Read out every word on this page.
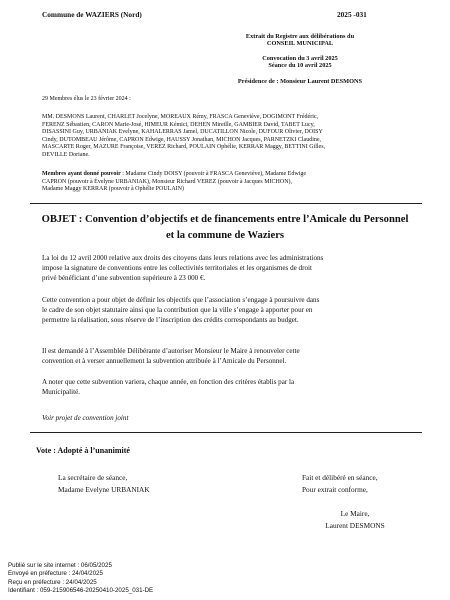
Commune de WAZIERS (Nord)	2025 -031
Extrait du Registre aux délibérations du
CONSEIL MUNICIPAL
Convocation du 3 avril 2025
Séance du 10 avril 2025
Présidence de : Monsieur Laurent DESMONS
29 Membres élus le 23 février 2024 :
MM. DESMONS Laurent, CHARLET Jocelyne, MOREAUX Rémy, FRASCA Geneviève, DOGIMONT Frédéric,
FERENZ Sébastien, CARON Marie-José, HIMEUR Kémici, DEHEN Mireille, GAMBIER David, TABET Lucy,
DISASSINI Guy, URBANIAK Evelyne, KAHALERRAS Jamel, DUCATILLON Nicole, DUFOUR Olivier, DOISY
Cindy, DUTOMBEAU Jérôme, CAPRON Edwige, HAUSSY Jonathan, MICHON Jacques, PARNETZKI Claudine,
MASCARTE Roger, MAZURE Françoise, VEREZ Richard, POULAIN Ophélie, KERRAR Maggy, BETTINI Gilles,
DEVILLE Doriane.
Membres ayant donné pouvoir : Madame Cindy DOISY (pouvoir à FRASCA Geneviève), Madame Edwige
CAPRON (pouvoir à Évelyne URBANIAK), Monsieur Richard VEREZ (pouvoir à Jacques MICHON),
Madame Maggy KERRAR (pouvoir à Ophélie POULAIN)
OBJET : Convention d’objectifs et de financements entre l’Amicale du Personnel
et la commune de Waziers
La loi du 12 avril 2000 relative aux droits des citoyens dans leurs relations avec les administrations
impose la signature de conventions entre les collectivités territoriales et les organismes de droit
privé bénéficiant d’une subvention supérieure à 23 000 €.
Cette convention a pour objet de définir les objectifs que l’association s’engage à poursuivre dans
le cadre de son objet statutaire ainsi que la contribution que la ville s’engage à apporter pour en
permettre la réalisation, sous réserve de l’inscription des crédits correspondants au budget.
Il est demandé à l’Assemblée Délibérante d’autoriser Monsieur le Maire à renouveler cette
convention et à verser annuellement la subvention attribuée à l’Amicale du Personnel.
A noter que cette subvention variera, chaque année, en fonction des critères établis par la
Municipalité.
Voir projet de convention joint
Vote : Adopté à l’unanimité
La secrétaire de séance,
Madame Evelyne URBANIAK
Fait et délibéré en séance,
Pour extrait conforme,
Le Maire,
Laurent DESMONS
Publié sur le site internet : 06/05/2025
Envoyé en préfecture : 24/04/2025
Reçu en préfecture : 24/04/2025
Identifiant : 059-215906546-20250410-2025_031-DE
